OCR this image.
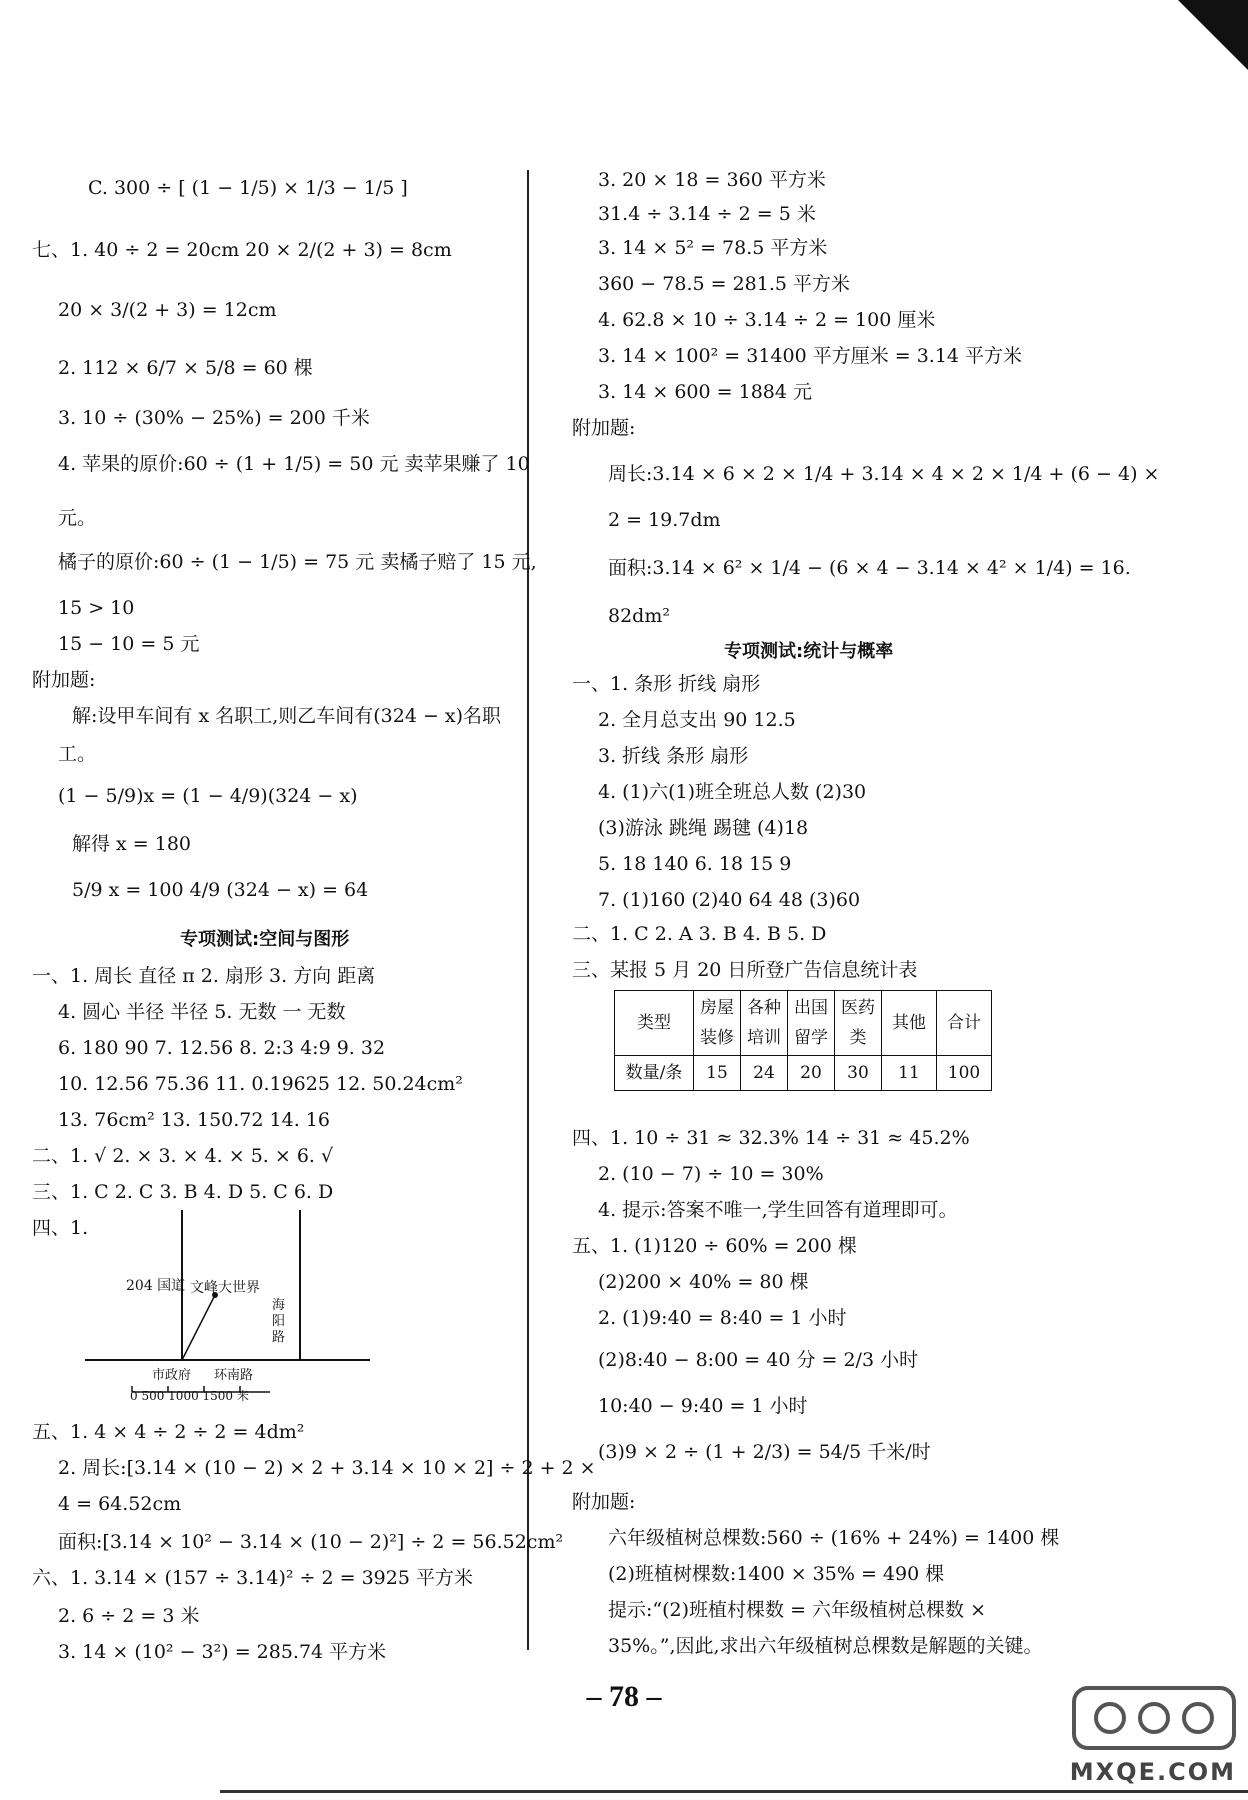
C. 300 ÷ [ (1 − 1/5) × 1/3 − 1/5 ]
七、1. 40 ÷ 2 = 20cm 20 × 2/(2 + 3) = 8cm
20 × 3/(2 + 3) = 12cm
2. 112 × 6/7 × 5/8 = 60 棵
3. 10 ÷ (30% − 25%) = 200 千米
4. 苹果的原价:60 ÷ (1 + 1/5) = 50 元 卖苹果赚了 10
元。
橘子的原价:60 ÷ (1 − 1/5) = 75 元 卖橘子赔了 15 元,
15 > 10
15 − 10 = 5 元
附加题:
解:设甲车间有 x 名职工,则乙车间有(324 − x)名职
工。
(1 − 5/9)x = (1 − 4/9)(324 − x)
解得 x = 180
5/9 x = 100 4/9 (324 − x) = 64
专项测试:空间与图形
一、1. 周长 直径 π 2. 扇形 3. 方向 距离
4. 圆心 半径 半径 5. 无数 一 无数
6. 180 90 7. 12.56 8. 2:3 4:9 9. 32
10. 12.56 75.36 11. 0.19625 12. 50.24cm²
13. 76cm² 13. 150.72 14. 16
二、1. √ 2. × 3. × 4. × 5. × 6. √
三、1. C 2. C 3. B 4. D 5. C 6. D
四、1.
204 国道 文峰大世界
海阳路
市政府 环南路
0 500 1000 1500 米
五、1. 4 × 4 ÷ 2 ÷ 2 = 4dm²
2. 周长:[3.14 × (10 − 2) × 2 + 3.14 × 10 × 2] ÷ 2 + 2 ×
4 = 64.52cm
面积:[3.14 × 10² − 3.14 × (10 − 2)²] ÷ 2 = 56.52cm²
六、1. 3.14 × (157 ÷ 3.14)² ÷ 2 = 3925 平方米
2. 6 ÷ 2 = 3 米
3. 14 × (10² − 3²) = 285.74 平方米
3. 20 × 18 = 360 平方米
31.4 ÷ 3.14 ÷ 2 = 5 米
3. 14 × 5² = 78.5 平方米
360 − 78.5 = 281.5 平方米
4. 62.8 × 10 ÷ 3.14 ÷ 2 = 100 厘米
3. 14 × 100² = 31400 平方厘米 = 3.14 平方米
3. 14 × 600 = 1884 元
附加题:
周长:3.14 × 6 × 2 × 1/4 + 3.14 × 4 × 2 × 1/4 + (6 − 4) ×
2 = 19.7dm
面积:3.14 × 6² × 1/4 − (6 × 4 − 3.14 × 4² × 1/4) = 16.
82dm²
专项测试:统计与概率
一、1. 条形 折线 扇形
2. 全月总支出 90 12.5
3. 折线 条形 扇形
4. (1)六(1)班全班总人数 (2)30
(3)游泳 跳绳 踢毽 (4)18
5. 18 140 6. 18 15 9
7. (1)160 (2)40 64 48 (3)60
二、1. C 2. A 3. B 4. B 5. D
三、某报 5 月 20 日所登广告信息统计表
类型	房屋装修	各种培训	出国留学	医药类	其他	合计
数量/条	15	24	20	30	11	100
四、1. 10 ÷ 31 ≈ 32.3% 14 ÷ 31 ≈ 45.2%
2. (10 − 7) ÷ 10 = 30%
4. 提示:答案不唯一,学生回答有道理即可。
五、1. (1)120 ÷ 60% = 200 棵
(2)200 × 40% = 80 棵
2. (1)9:40 = 8:40 = 1 小时
(2)8:40 − 8:00 = 40 分 = 2/3 小时
10:40 − 9:40 = 1 小时
(3)9 × 2 ÷ (1 + 2/3) = 54/5 千米/时
附加题:
六年级植树总棵数:560 ÷ (16% + 24%) = 1400 棵
(2)班植树棵数:1400 × 35% = 490 棵
提示:“(2)班植村棵数 = 六年级植树总棵数 ×
35%。”,因此,求出六年级植树总棵数是解题的关键。
– 78 –
MXQE.COM
